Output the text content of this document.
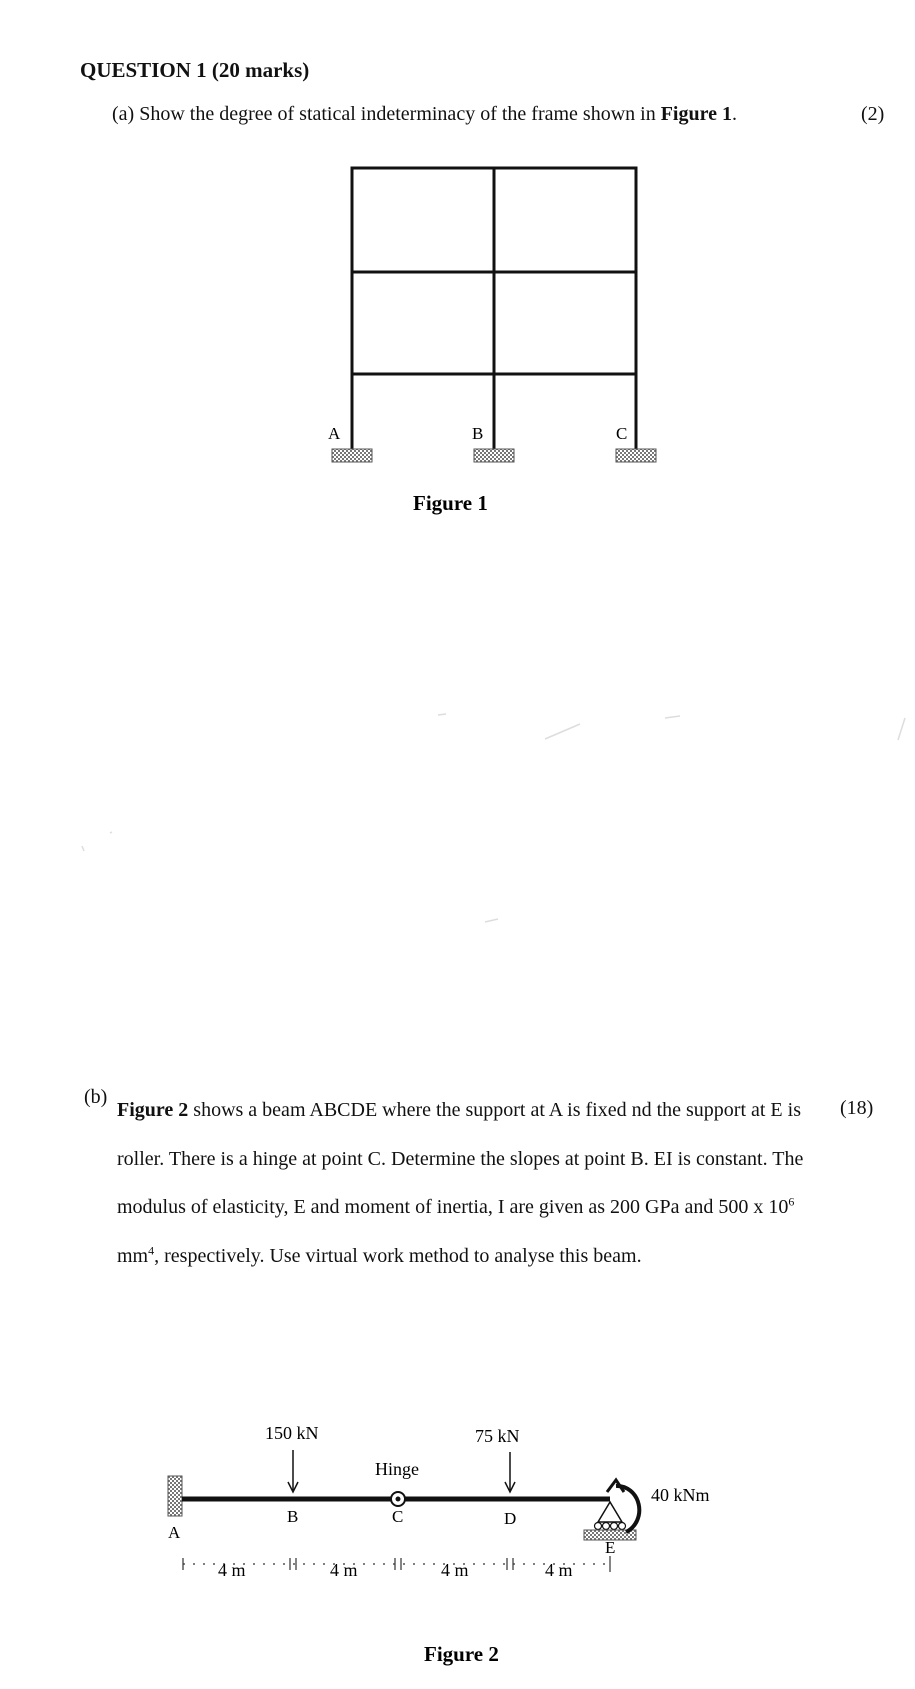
QUESTION 1 (20 marks)
(a) Show the degree of statical indeterminacy of the frame shown in Figure 1.	(2)
A	B	C
Figure 1
(b)
Figure 2 shows a beam ABCDE where the support at A is fixed nd the support at E is roller. There is a hinge at point C. Determine the slopes at point B. EI is constant. The modulus of elasticity, E and moment of inertia, I are given as 200 GPa and 500 x $10^6$ $mm^4$, respectively. Use virtual work method to analyse this beam.
(18)
150 kN	75 kN
Hinge
40 kNm
A
B	C	D
E
4 m	4 m	4 m	4 m
Figure 2
